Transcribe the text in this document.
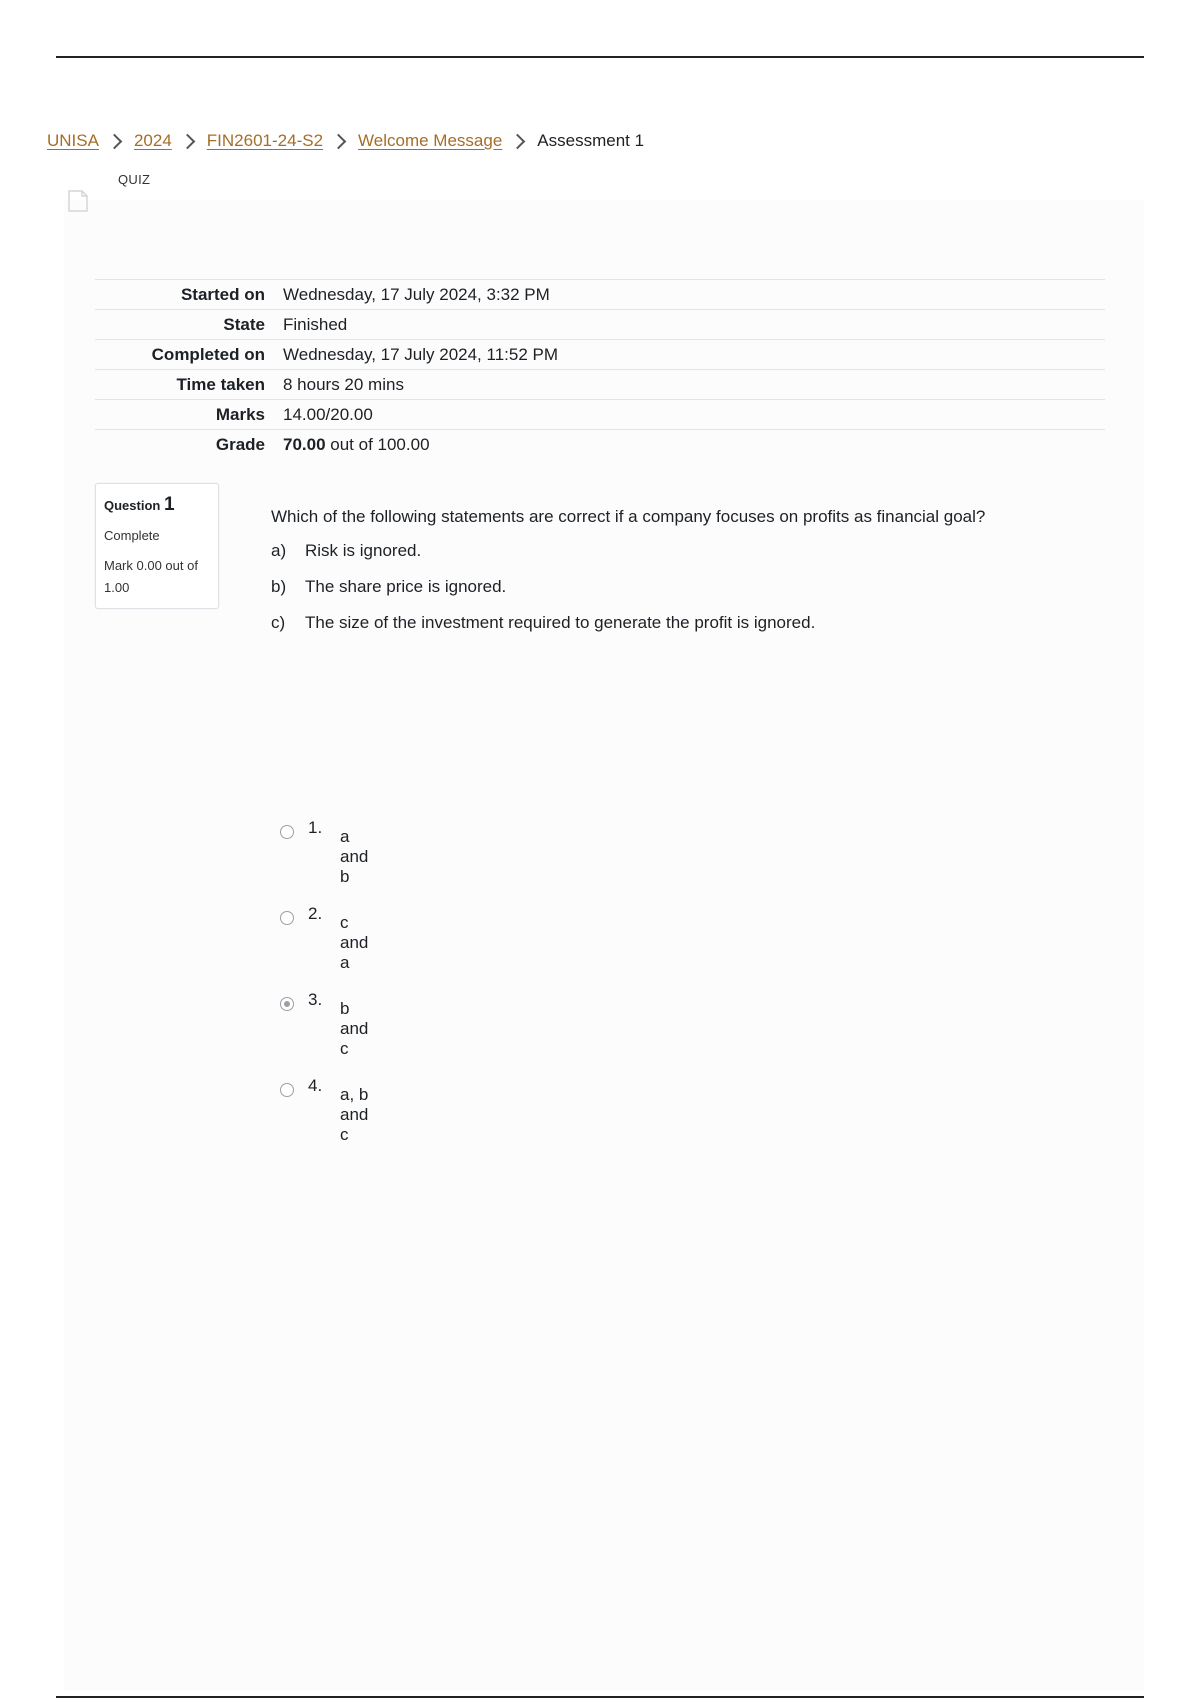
UNISA 2024 FIN2601-24-S2 Welcome Message Assessment 1
QUIZ
Started on	Wednesday, 17 July 2024, 3:32 PM
State	Finished
Completed on	Wednesday, 17 July 2024, 11:52 PM
Time taken	8 hours 20 mins
Marks	14.00/20.00
Grade	70.00 out of 100.00
Question 1
Complete
Mark 0.00 out of 1.00

Which of the following statements are correct if a company focuses on profits as financial goal?

a)	Risk is ignored.
b)	The share price is ignored.
c)	The size of the investment required to generate the profit is ignored.
1. a and b
2. c and a
3. b and c
4. a, b and c
